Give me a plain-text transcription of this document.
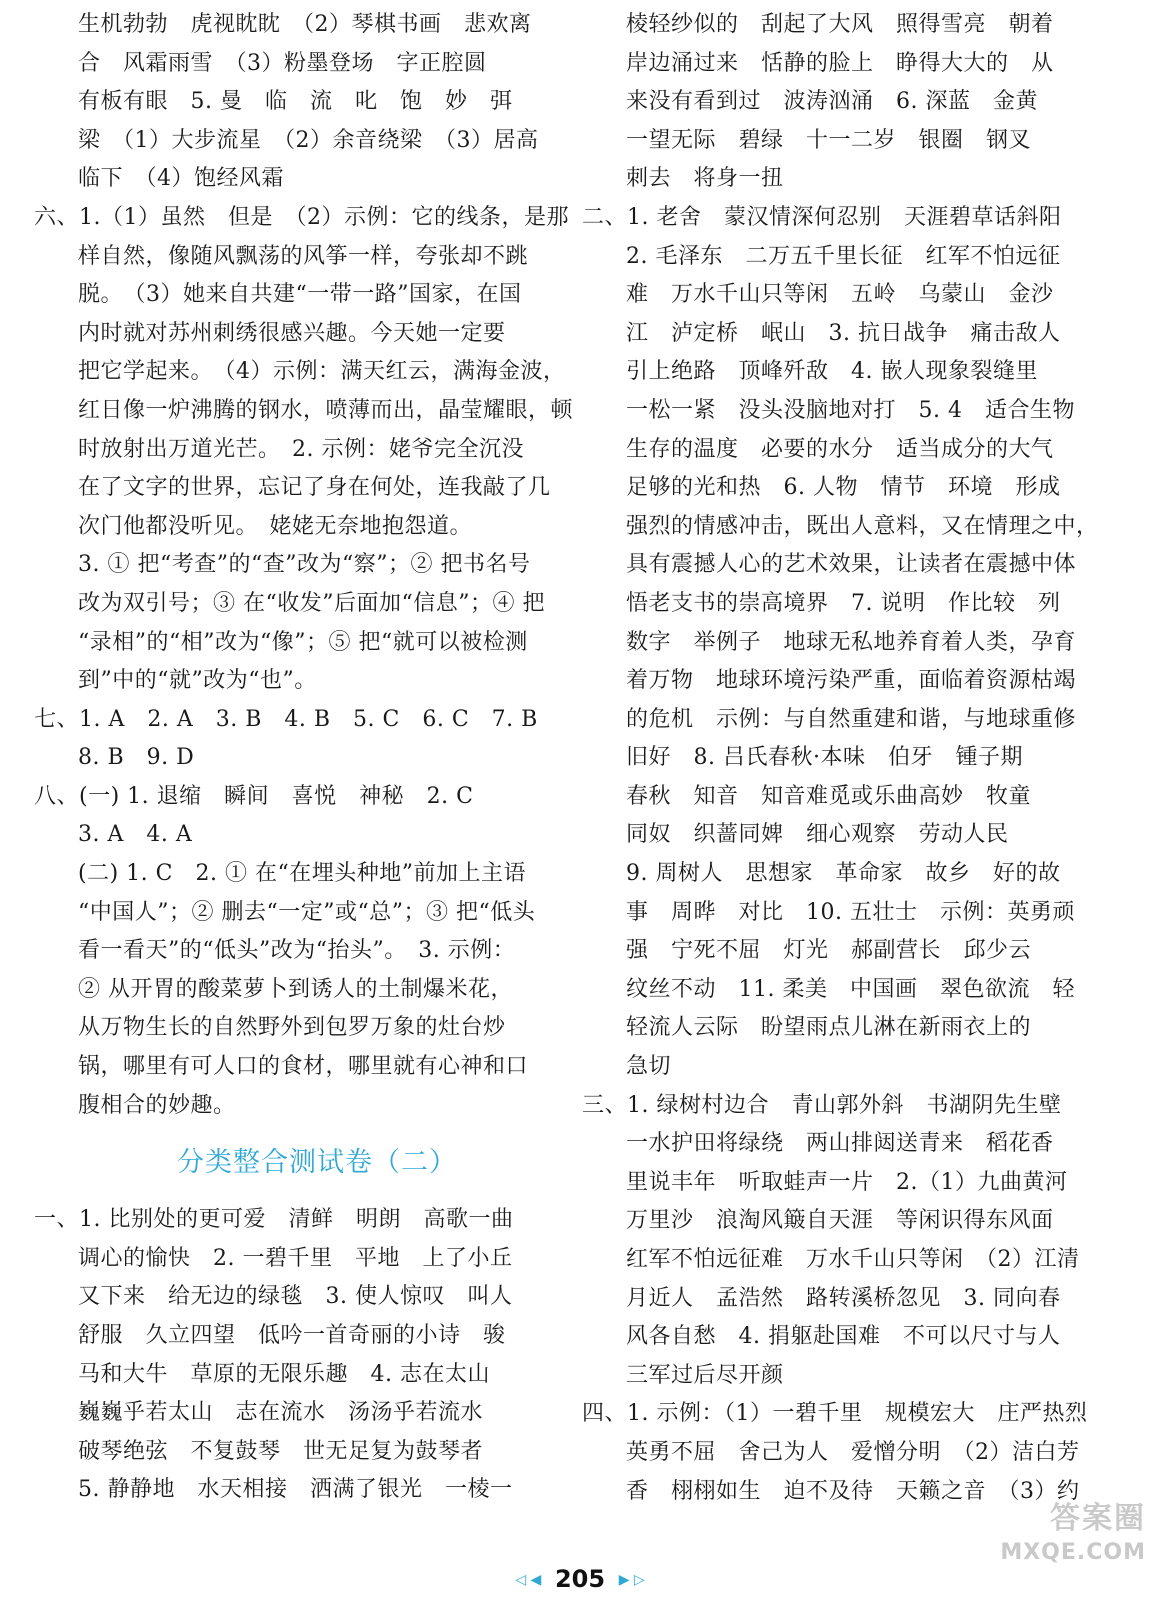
生机勃勃　虎视眈眈　（2）琴棋书画　悲欢离
合　风霜雨雪　（3）粉墨登场　字正腔圆
有板有眼　5. 曼　临　流　叱　饱　妙　弭
梁　（1）大步流星　（2）余音绕梁　（3）居高
临下　（4）饱经风霜
六、1.（1）虽然　但是　（2）示例：它的线条，是那
样自然，像随风飘荡的风筝一样，夸张却不跳
脱。　（3）她来自共建“一带一路”国家，在国
内时就对苏州刺绣很感兴趣。今天她一定要
把它学起来。　（4）示例：满天红云，满海金波，
红日像一炉沸腾的钢水，喷薄而出，晶莹耀眼，顿
时放射出万道光芒。　2. 示例：姥爷完全沉没
在了文字的世界，忘记了身在何处，连我敲了几
次门他都没听见。　姥姥无奈地抱怨道。
3. ① 把“考查”的“查”改为“察”；② 把书名号
改为双引号；③ 在“收发”后面加“信息”；④ 把
“录相”的“相”改为“像”；⑤ 把“就可以被检测
到”中的“就”改为“也”。
七、1. A　2. A　3. B　4. B　5. C　6. C　7. B
8. B　9. D
八、(一) 1. 退缩　瞬间　喜悦　神秘　2. C
3. A　4. A
(二) 1. C　2. ① 在“在埋头种地”前加上主语
“中国人”；② 删去“一定”或“总”；③ 把“低头
看一看天”的“低头”改为“抬头”。　3. 示例：
② 从开胃的酸菜萝卜到诱人的土制爆米花，
从万物生长的自然野外到包罗万象的灶台炒
锅，哪里有可人口的食材，哪里就有心神和口
腹相合的妙趣。
分类整合测试卷（二）
一、1. 比别处的更可爱　清鲜　明朗　高歌一曲
调心的愉快　2. 一碧千里　平地　上了小丘
又下来　给无边的绿毯　3. 使人惊叹　叫人
舒服　久立四望　低吟一首奇丽的小诗　骏
马和大牛　草原的无限乐趣　4. 志在太山
巍巍乎若太山　志在流水　汤汤乎若流水
破琴绝弦　不复鼓琴　世无足复为鼓琴者
5. 静静地　水天相接　洒满了银光　一棱一
棱轻纱似的　刮起了大风　照得雪亮　朝着
岸边涌过来　恬静的脸上　睁得大大的　从
来没有看到过　波涛汹涌　6. 深蓝　金黄
一望无际　碧绿　十一二岁　银圈　钢叉
刺去　将身一扭
二、1. 老舍　蒙汉情深何忍别　天涯碧草话斜阳
2. 毛泽东　二万五千里长征　红军不怕远征
难　万水千山只等闲　五岭　乌蒙山　金沙
江　泸定桥　岷山　3. 抗日战争　痛击敌人
引上绝路　顶峰歼敌　4. 嵌人现象裂缝里
一松一紧　没头没脑地对打　5. 4　适合生物
生存的温度　必要的水分　适当成分的大气
足够的光和热　6. 人物　情节　环境　形成
强烈的情感冲击，既出人意料，又在情理之中，
具有震撼人心的艺术效果，让读者在震撼中体
悟老支书的崇高境界　7. 说明　作比较　列
数字　举例子　地球无私地养育着人类，孕育
着万物　地球环境污染严重，面临着资源枯竭
的危机　示例：与自然重建和谐，与地球重修
旧好　8. 吕氏春秋·本味　伯牙　锺子期
春秋　知音　知音难觅或乐曲高妙　牧童
同奴　织蔷同婢　细心观察　劳动人民
9. 周树人　思想家　革命家　故乡　好的故
事　周晔　对比　10. 五壮士　示例：英勇顽
强　宁死不屈　灯光　郝副营长　邱少云
纹丝不动　11. 柔美　中国画　翠色欲流　轻
轻流人云际　盼望雨点儿淋在新雨衣上的
急切
三、1. 绿树村边合　青山郭外斜　书湖阴先生壁
一水护田将绿绕　两山排闼送青来　稻花香
里说丰年　听取蛙声一片　2.（1）九曲黄河
万里沙　浪淘风簸自天涯　等闲识得东风面
红军不怕远征难　万水千山只等闲　（2）江清
月近人　孟浩然　路转溪桥忽见　3. 同向春
风各自愁　4. 捐躯赴国难　不可以尺寸与人
三军过后尽开颜
四、1. 示例：（1）一碧千里　规模宏大　庄严热烈
英勇不屈　舍己为人　爱憎分明　（2）洁白芳
香　栩栩如生　迫不及待　天籁之音　（3）约
◁ ◀ 205 ▶ ▷
答案圈
MXQE.COM
